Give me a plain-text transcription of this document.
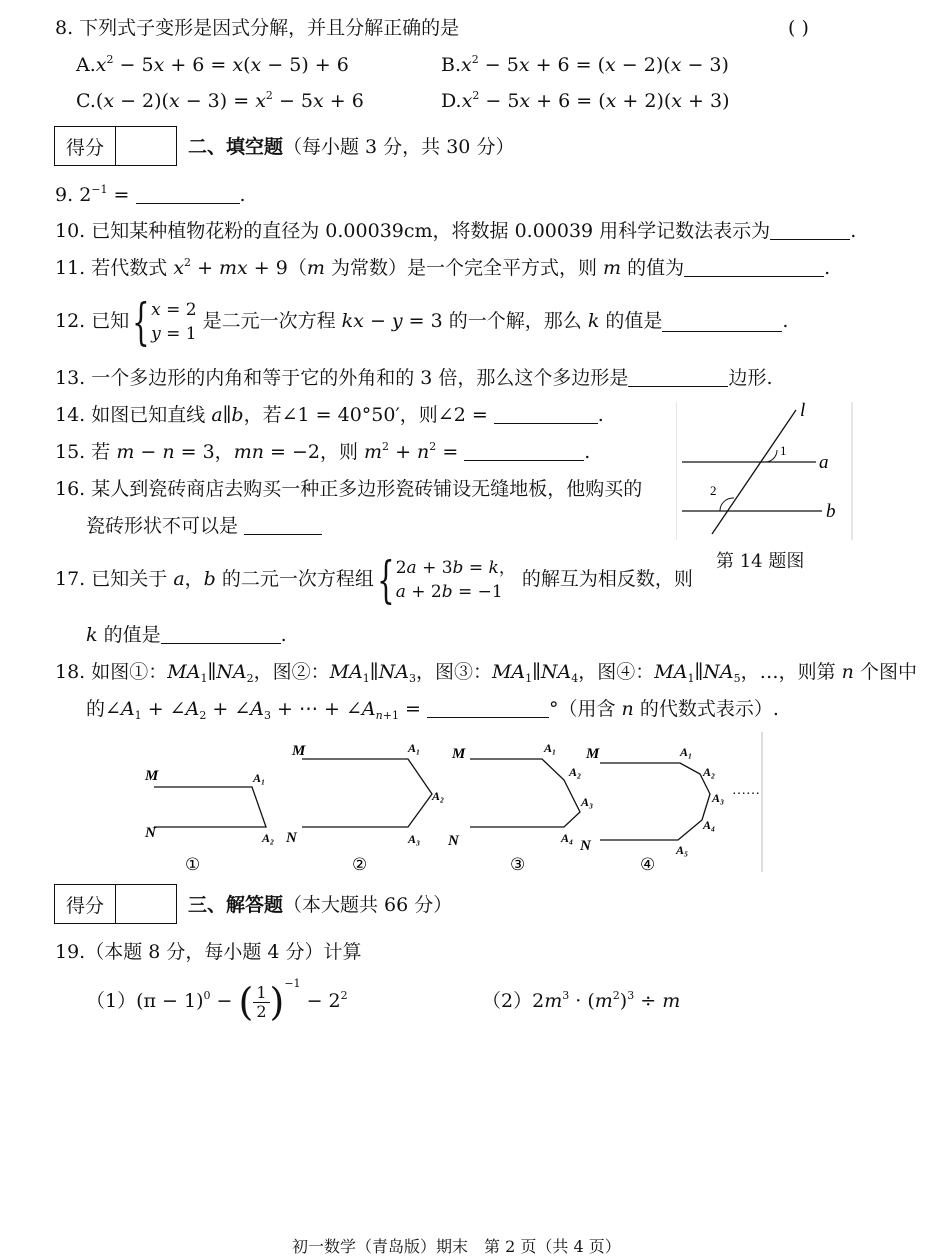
8. 下列式子变形是因式分解，并且分解正确的是	( )
$A.x^2 - 5x + 6 = x(x - 5) + 6$	$B.x^2 - 5x + 6 = (x - 2)(x - 3)$
$C.(x - 2)(x - 3) = x^2 - 5x + 6$	$D.x^2 - 5x + 6 = (x + 2)(x + 3)$
得分	二、填空题（每小题 3 分，共 30 分）
9. $2^{-1}$ =	.
10. 已知某种植物花粉的直径为 0.00039cm，将数据 0.00039 用科学记数法表示为	.
11. 若代数式 $x^2$ + mx + 9（m 为常数）是一个完全平方式，则 m 的值为	.
12. 已知{x = 2
y = 1 是二元一次方程 kx − y = 3 的一个解，那么 k 的值是	.
13. 一个多边形的内角和等于它的外角和的 3 倍，那么这个多边形是	边形.
14. 如图已知直线 a∥b，若∠1 = 40°50′，则∠2 =	.
15. 若 m − n = 3，mn = −2，则 $m^2 + n^2$ =	.
16. 某人到瓷砖商店去购买一种正多边形瓷砖铺设无缝地板，他购买的
瓷砖形状不可以是
l
1
a
2
b
第 14 题图
17. 已知关于 a，b 的二元一次方程组{2a + 3b = k，
a + 2b = −1 的解互为相反数，则
k 的值是	.
18. 如图①：$MA_1\parallel NA_2$，图②：$MA_1\parallel NA_3$，图③：$MA_1\parallel NA_4$，图④：$MA_1\parallel NA_5$，…，则第 n 个图中
的$\angle A_1$ + $\angle A_2$ + $\angle A_3$ + ⋯ + $\angle A_{n+1}$ =	°（用含 n 的代数式表示）.
M
N
A₁
A₂
①
M
N
A₁
A₂
A₃
②
M
N
A₁
A₂
A₃
A₄
③
M
N
A₁
A₂
A₃
A₄
A₅
④
……
得分	三、解答题（本大题共 66 分）
19.（本题 8 分，每小题 4 分）计算
$(1)(\pi - 1)^0$ − ( $\frac{1}{2} )^{-1} - 2^2$	$(2)2m^3 \cdot (m^2)^3 \div m$
初一数学（青岛版）期末　第 2 页（共 4 页）
